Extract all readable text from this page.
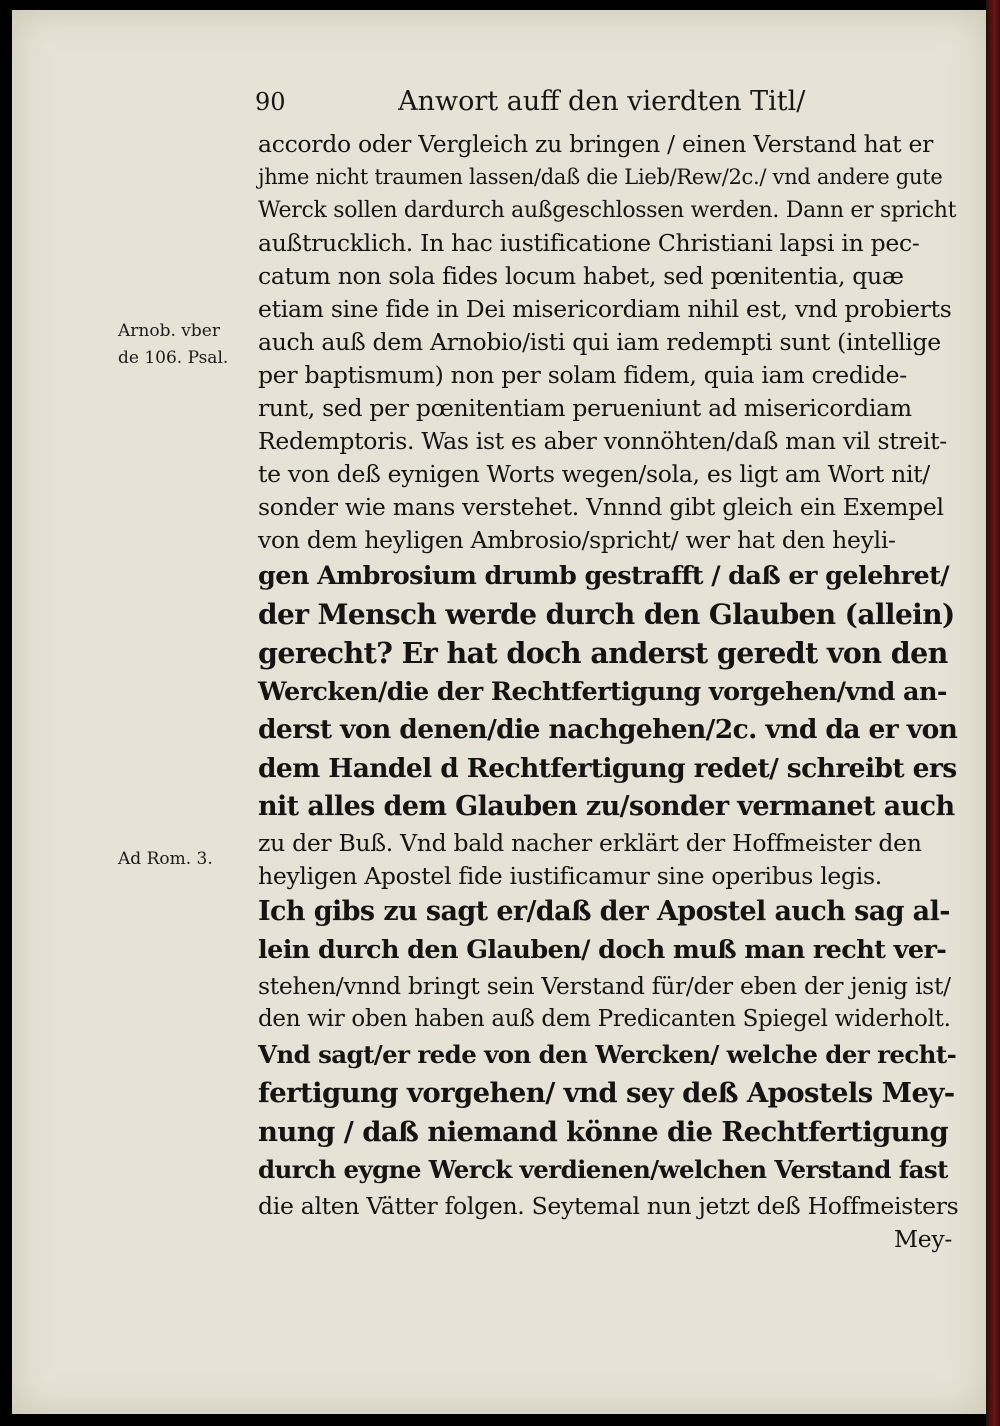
90	Anwort auff den vierdten Titl/
Arnob. vber
de 106. Psal.
Ad Rom. 3.
accordo oder Vergleich zu bringen / einen Verstand hat er
jhme nicht traumen lassen/daß die Lieb/Rew/2c./ vnd andere gute
Werck sollen dardurch außgeschlossen werden. Dann er spricht
außtrucklich. In hac iustificatione Christiani lapsi in pec-
catum non sola fides locum habet, sed pœnitentia, quæ
etiam sine fide in Dei misericordiam nihil est, vnd probierts
auch auß dem Arnobio/isti qui iam redempti sunt (intellige
per baptismum) non per solam fidem, quia iam credide-
runt, sed per pœnitentiam perueniunt ad misericordiam
Redemptoris. Was ist es aber vonnöhten/daß man vil streit-
te von deß eynigen Worts wegen/sola, es ligt am Wort nit/
sonder wie mans verstehet. Vnnnd gibt gleich ein Exempel
von dem heyligen Ambrosio/spricht/ wer hat den heyli-
gen Ambrosium drumb gestrafft / daß er gelehret/
der Mensch werde durch den Glauben (allein)
gerecht? Er hat doch anderst geredt von den
Wercken/die der Rechtfertigung vorgehen/vnd an-
derst von denen/die nachgehen/2c. vnd da er von
dem Handel d Rechtfertigung redet/ schreibt ers
nit alles dem Glauben zu/sonder vermanet auch
zu der Buß. Vnd bald nacher erklärt der Hoffmeister den
heyligen Apostel fide iustificamur sine operibus legis.
Ich gibs zu sagt er/daß der Apostel auch sag al-
lein durch den Glauben/ doch muß man recht ver-
stehen/vnnd bringt sein Verstand für/der eben der jenig ist/
den wir oben haben auß dem Predicanten Spiegel widerholt.
Vnd sagt/er rede von den Wercken/ welche der recht-
fertigung vorgehen/ vnd sey deß Apostels Mey-
nung / daß niemand könne die Rechtfertigung
durch eygne Werck verdienen/welchen Verstand fast
die alten Vätter folgen. Seytemal nun jetzt deß Hoffmeisters
Mey-
